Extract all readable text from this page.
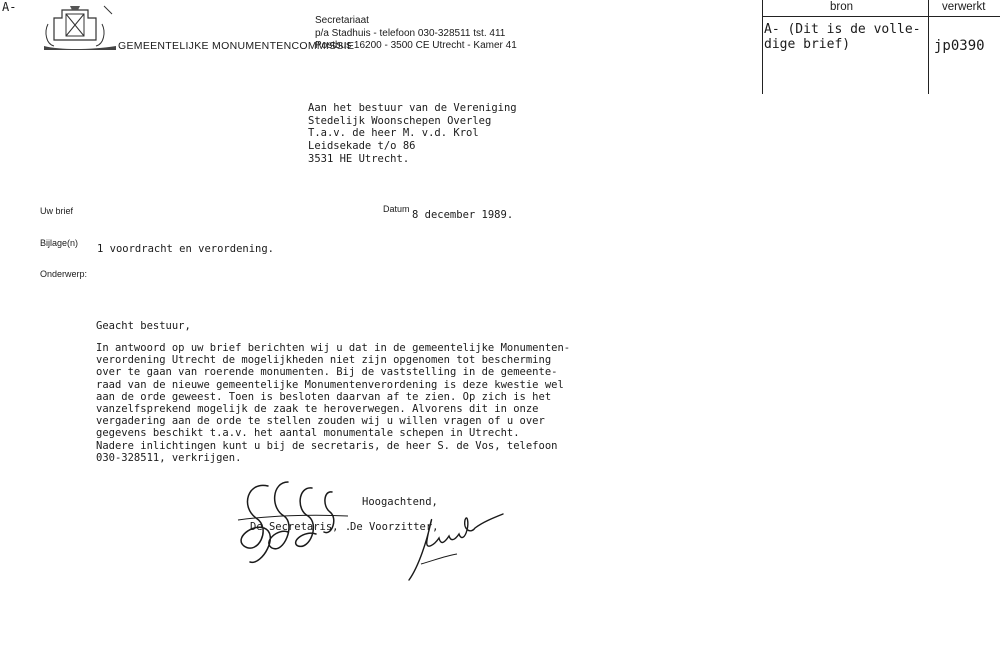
A-
GEMEENTELIJKE MONUMENTENCOMMISSIE
Secretariaat
p/a Stadhuis - telefoon 030-328511 tst. 411
Postbus 16200 - 3500 CE Utrecht - Kamer 41
bron	verwerkt
A- (Dit is de volle-
dige brief)	jp0390
Aan het bestuur van de Vereniging
Stedelijk Woonschepen Overleg
T.a.v. de heer M. v.d. Krol
Leidsekade t/o 86
3531 HE Utrecht.
Uw brief
Bijlage(n)
Onderwerp:
Datum 8 december 1989.
1 voordracht en verordening.
Geacht bestuur,
In antwoord op uw brief berichten wij u dat in de gemeentelijke Monumenten-
verordening Utrecht de mogelijkheden niet zijn opgenomen tot bescherming
over te gaan van roerende monumenten. Bij de vaststelling in de gemeente-
raad van de nieuwe gemeentelijke Monumentenverordening is deze kwestie wel
aan de orde geweest. Toen is besloten daarvan af te zien. Op zich is het
vanzelfsprekend mogelijk de zaak te heroverwegen. Alvorens dit in onze
vergadering aan de orde te stellen zouden wij u willen vragen of u over
gegevens beschikt t.a.v. het aantal monumentale schepen in Utrecht.
Nadere inlichtingen kunt u bij de secretaris, de heer S. de Vos, telefoon
030-328511, verkrijgen.
Hoogachtend,
De Secretaris, .
De Voorzitter,
